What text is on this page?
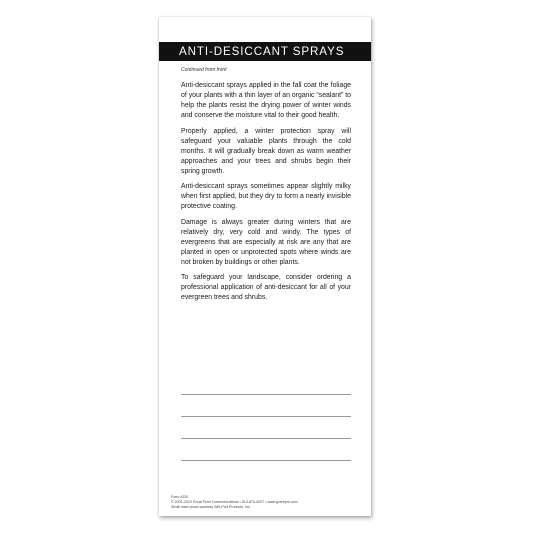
ANTI-DESICCANT SPRAYS
Continued from front

Anti-desiccant sprays applied in the fall coat the foliage of your plants with a thin layer of an organic “sealant” to help the plants resist the drying power of winter winds and conserve the moisture vital to their good health.

Properly applied, a winter protection spray will safeguard your valuable plants through the cold months. It will gradually break down as warm weather approaches and your trees and shrubs begin their spring growth.

Anti-desiccant sprays sometimes appear slightly milky when first applied, but they dry to form a nearly invisible protective coating.

Damage is always greater during winters that are relatively dry, very cold and windy. The types of evergreens that are especially at risk are any that are planted in open or unprotected spots where winds are not broken by buildings or other plants.

To safeguard your landscape, consider ordering a professional application of anti-desiccant for all of your evergreen trees and shrubs.

Form #220
© 2001-2023 Focal Point Communications • 513-874-0027 • www.gvsreprs.com
Small inset photo courtesy Wilt-Pruf Products, Inc.
